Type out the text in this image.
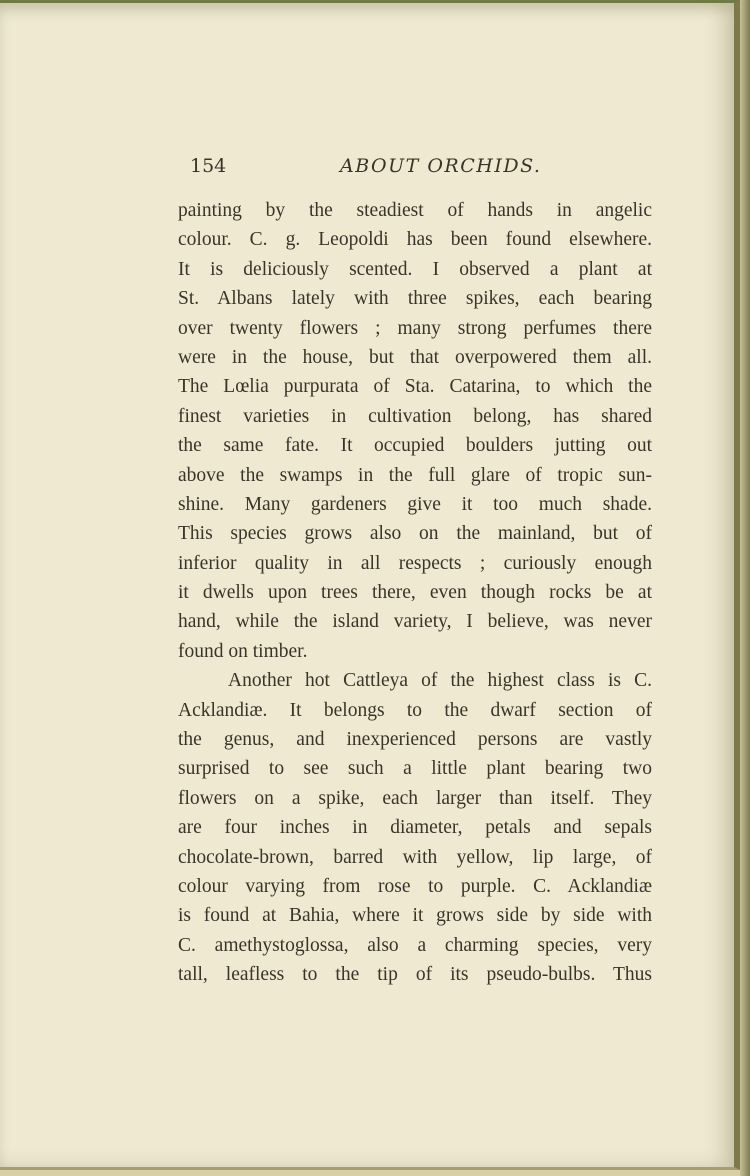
154	ABOUT ORCHIDS.
painting by the steadiest of hands in angelic
colour. C. g. Leopoldi has been found elsewhere.
It is deliciously scented. I observed a plant at
St. Albans lately with three spikes, each bearing
over twenty flowers ; many strong perfumes there
were in the house, but that overpowered them all.
The Lœlia purpurata of Sta. Catarina, to which the
finest varieties in cultivation belong, has shared
the same fate. It occupied boulders jutting out
above the swamps in the full glare of tropic sun-
shine. Many gardeners give it too much shade.
This species grows also on the mainland, but of
inferior quality in all respects ; curiously enough
it dwells upon trees there, even though rocks be at
hand, while the island variety, I believe, was never
found on timber.
Another hot Cattleya of the highest class is C.
Acklandiæ. It belongs to the dwarf section of
the genus, and inexperienced persons are vastly
surprised to see such a little plant bearing two
flowers on a spike, each larger than itself. They
are four inches in diameter, petals and sepals
chocolate-brown, barred with yellow, lip large, of
colour varying from rose to purple. C. Acklandiæ
is found at Bahia, where it grows side by side with
C. amethystoglossa, also a charming species, very
tall, leafless to the tip of its pseudo-bulbs. Thus
